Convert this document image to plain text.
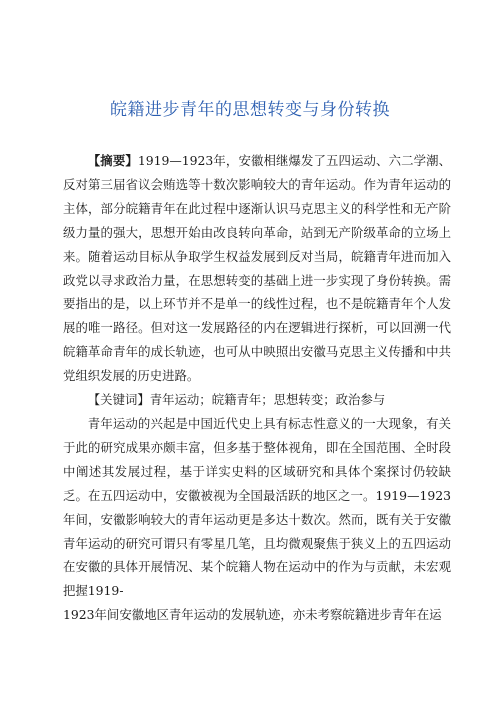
皖籍进步青年的思想转变与身份转换

【摘要】1919—1923年，安徽相继爆发了五四运动、六二学潮、反对第三届省议会贿选等十数次影响较大的青年运动。作为青年运动的主体，部分皖籍青年在此过程中逐渐认识马克思主义的科学性和无产阶级力量的强大，思想开始由改良转向革命，站到无产阶级革命的立场上来。随着运动目标从争取学生权益发展到反对当局，皖籍青年进而加入政党以寻求政治力量，在思想转变的基础上进一步实现了身份转换。需要指出的是，以上环节并不是单一的线性过程，也不是皖籍青年个人发展的唯一路径。但对这一发展路径的内在逻辑进行探析，可以回溯一代皖籍革命青年的成长轨迹，也可从中映照出安徽马克思主义传播和中共党组织发展的历史进路。

【关键词】青年运动；皖籍青年；思想转变；政治参与

青年运动的兴起是中国近代史上具有标志性意义的一大现象，有关于此的研究成果亦颇丰富，但多基于整体视角，即在全国范围、全时段中阐述其发展过程，基于详实史料的区域研究和具体个案探讨仍较缺乏。在五四运动中，安徽被视为全国最活跃的地区之一。1919—1923年间，安徽影响较大的青年运动更是多达十数次。然而，既有关于安徽青年运动的研究可谓只有零星几笔，且均微观聚焦于狭义上的五四运动在安徽的具体开展情况、某个皖籍人物在运动中的作为与贡献，未宏观把握1919-

1923年间安徽地区青年运动的发展轨迹，亦未考察皖籍进步青年在运
